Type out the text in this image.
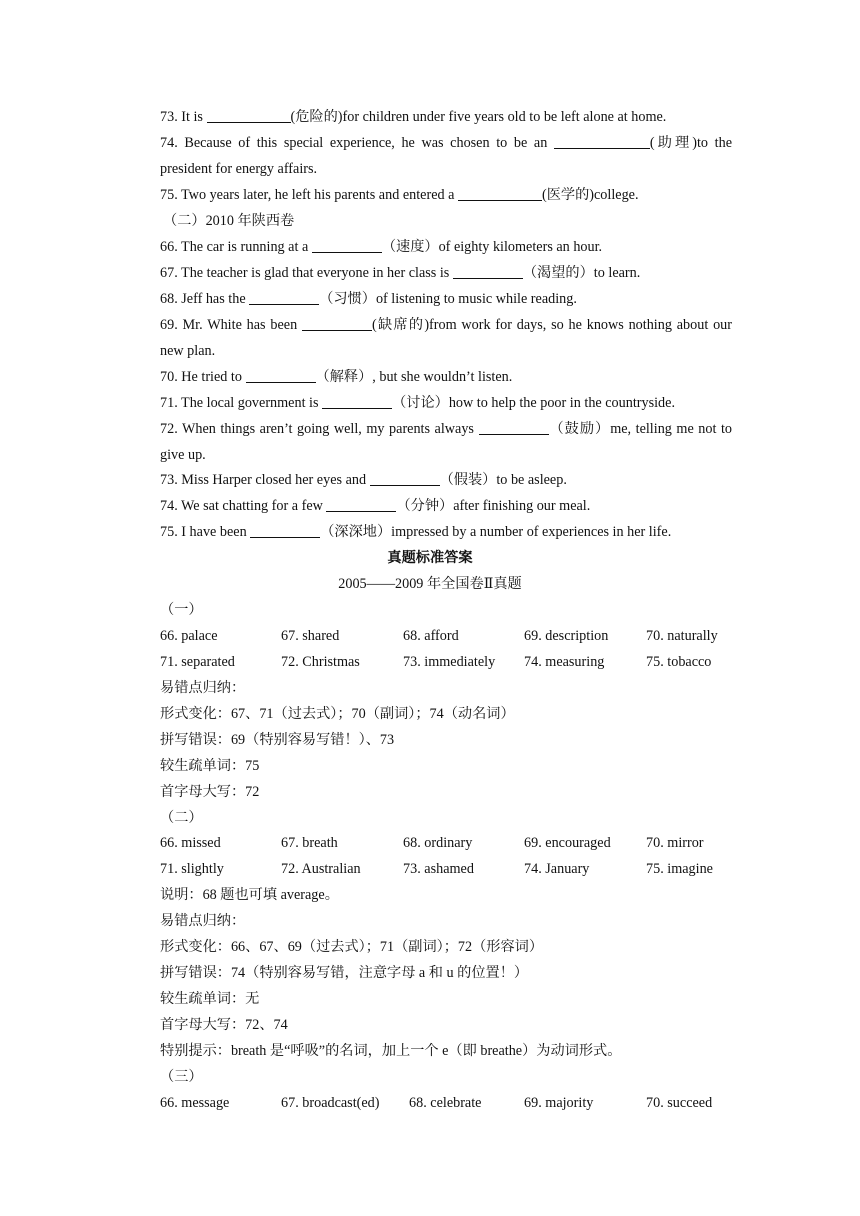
73. It is	(危险的)for children under five years old to be left alone at home.
74. Because of this special experience, he was chosen to be an	(助理)to the president for energy affairs.
75. Two years later, he left his parents and entered a	(医学的)college.
（二）2010 年陕西卷
66. The car is running at a	（速度）of eighty kilometers an hour.
67. The teacher is glad that everyone in her class is	（渴望的）to learn.
68. Jeff has the	（习惯）of listening to music while reading.
69. Mr. White has been	(缺席的)from work for days, so he knows nothing about our new plan.
70. He tried to	（解释）, but she wouldn’t listen.
71. The local government is	（讨论）how to help the poor in the countryside.
72. When things aren’t going well, my parents always	（鼓励）me, telling me not to give up.
73. Miss Harper closed her eyes and	（假装）to be asleep.
74. We sat chatting for a few	（分钟）after finishing our meal.
75. I have been	（深深地）impressed by a number of experiences in her life.
真题标准答案
2005——2009 年全国卷Ⅱ真题
（一）
66. palace	67. shared	68. afford	69. description	70. naturally
71. separated	72. Christmas	73. immediately 74. measuring	75. tobacco
易错点归纳：
形式变化：67、71（过去式）；70（副词）；74（动名词）
拼写错误：69（特别容易写错！）、73
较生疏单词：75
首字母大写：72
（二）
66. missed	67. breath	68. ordinary	69. encouraged 70. mirror
71. slightly	72. Australian	73. ashamed	74. January	75. imagine
说明：68 题也可填 average。
易错点归纳：
形式变化：66、67、69（过去式）；71（副词）；72（形容词）
拼写错误：74（特别容易写错，注意字母 a 和 u 的位置！）
较生疏单词：无
首字母大写：72、74
特别提示：breath 是“呼吸”的名词，加上一个 e（即 breathe）为动词形式。
（三）
66. message	67. broadcast(ed) 68. celebrate	69. majority	70. succeed
